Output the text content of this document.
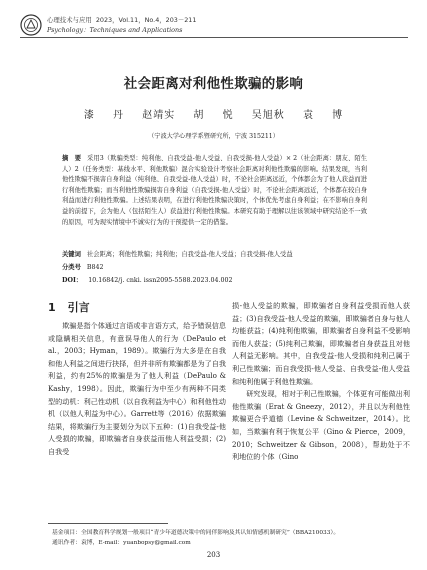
心理技术与应用 2023，Vol.11，No.4，203－211
Psychology：Techniques and Applications
社会距离对利他性欺骗的影响
漆 丹 赵靖实 胡 悦 吴旭秋 袁 博
（宁波大学心理学系暨研究所，宁波 315211）
摘　要 采用3（欺骗类型：纯利他、自我受益-他人受益、自我受损-他人受益）× 2（社会距离：朋友、陌生人）2（任务类型：基线水平、利他欺骗）混合实验设计考察社会距离对利他性欺骗的影响。结果发现，当利他性欺骗不损害自身利益（纯利他、自我受益-他人受益）时，不论社会距离远近，个体都会为了他人获益而进行利他性欺骗；而当利他性欺骗损害自身利益（自我受损-他人受益）时，不论社会距离远近，个体都在较自身利益而进行利他性欺骗。上述结果表明，在进行利他性欺骗决策时，个体优先考虑自身利益；在不影响自身利益的前提下，会为他人（包括陌生人）获益进行利他性欺骗。本研究有助于理解以往该领域中研究结论不一致的原因，可为现实情境中不诚实行为的干预提供一定的借鉴。
关键词 社会距离；利他性欺骗；纯利他；自我受益-他人受益；自我受损-他人受益
分类号 B842
DOI： 10.16842/j. cnki. issn2095-5588.2023.04.002
1 引言

欺骗是指个体通过言语或非言语方式，给予错误信息或隐瞒相关信息，有意误导他人的行为（DePaulo et al.，2003；Hyman，1989）。欺骗行为大多是在自我和他人利益之间进行抉择，但并非所有欺骗都是为了自我利益，约有25%的欺骗是为了他人利益（DePaulo & Kashy，1998）。因此，欺骗行为中至少有两种不同类型的动机：利己性动机（以自我利益为中心）和利他性动机（以他人利益为中心）。Garrett等（2016）依据欺骗结果，将欺骗行为主要划分为以下五种：(1)自我受益-他人受损的欺骗，即欺骗者自身获益而他人利益受损；(2)自我受

损-他人受益的欺骗，即欺骗者自身利益受损而他人获益；(3)自我受益-他人受益的欺骗，即欺骗者自身与他人均能获益；(4)纯利他欺骗，即欺骗者自身利益不受影响而他人获益；(5)纯利己欺骗，即欺骗者自身获益且对他人利益无影响。其中，自我受益-他人受损和纯利己属于利己性欺骗；而自我受损-他人受益、自我受益-他人受益和纯利他属于利他性欺骗。

研究发现，相对于利己性欺骗，个体更有可能做出利他性欺骗（Erat & Gneezy，2012），并且以为利他性欺骗更合乎道德（Levine & Schweitzer，2014）。比如，当欺骗有利于恢复公平（Gino & Pierce，2009，2010；Schweitzer & Gibson，2008），帮助处于不利地位的个体（Gino

基金项目：全国教育科学规划一般项目“青少年道德决策中的同伴影响及其认知情感机制研究”（BBA210033）。
通讯作者：袁博，E-mail：yuanbopsy@gmail.com
203
